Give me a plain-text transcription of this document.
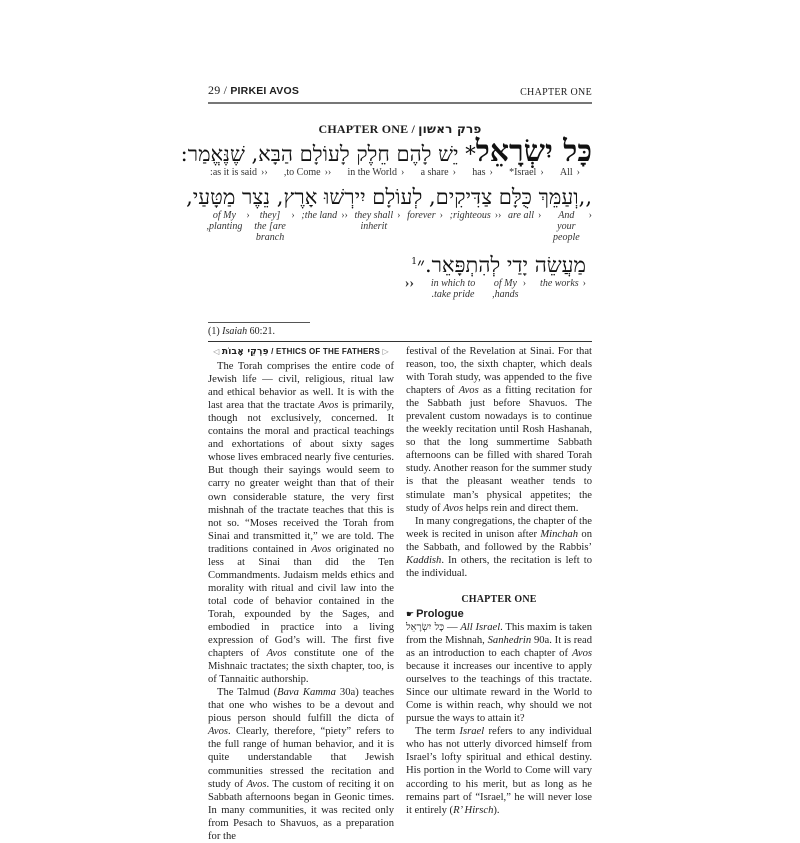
29 / PIRKEI AVOS	CHAPTER ONE
CHAPTER ONE / פרק ראשון
כָּל יִשְׂרָאֵל* יֵשׁ לָהֶם חֵלֶק לָעוֹלָם הַבָּא, שֶׁנֶּאֱמַר:
‹
All
‹
Israel*
‹
has
‹
a share
‹
in the World
‹‹
to Come,
‹‹
as it is said:
,,וְעַמֵּךְ כֻּלָּם צַדִּיקִים, לְעוֹלָם יִירְשׁוּ אָרֶץ, נֵצֶר מַטָּעַי,
‹
And your people
‹
are all
‹‹
righteous;
‹
forever
‹
they shall inherit
‹‹
the land;
‹
[they are] the branch
‹
of My planting,
מַעֲשֵׂה יָדַי לְהִתְפָּאֵר.״$^1$
‹
the works
‹
of My hands,
in which to take pride.
‹‹
(1) Isaiah 60:21.
◁ פִּרְקֵי אָבוֹת / ETHICS OF THE FATHERS ▷

The Torah comprises the entire code of Jewish life — civil, religious, ritual law and ethical behavior as well. It is with the last area that the tractate Avos is primarily, though not exclusively, concerned. It contains the moral and practical teachings and exhortations of about sixty sages whose lives embraced nearly five centuries. But though their sayings would seem to carry no greater weight than that of their own considerable stature, the very first mishnah of the tractate teaches that this is not so. “Moses received the Torah from Sinai and transmitted it,” we are told. The traditions contained in Avos originated no less at Sinai than did the Ten Commandments. Judaism melds ethics and morality with ritual and civil law into the total code of behavior contained in the Torah, expounded by the Sages, and embodied in practice into a living expression of God’s will. The first five chapters of Avos constitute one of the Mishnaic tractates; the sixth chapter, too, is of Tannaitic authorship.

The Talmud (Bava Kamma 30a) teaches that one who wishes to be a devout and pious person should fulfill the dicta of Avos. Clearly, therefore, “piety” refers to the full range of human behavior, and it is quite understandable that Jewish communities stressed the recitation and study of Avos. The custom of reciting it on Sabbath afternoons began in Geonic times. In many communities, it was recited only from Pesach to Shavuos, as a preparation for the

festival of the Revelation at Sinai. For that reason, too, the sixth chapter, which deals with Torah study, was appended to the five chapters of Avos as a fitting recitation for the Sabbath just before Shavuos. The prevalent custom nowadays is to continue the weekly recitation until Rosh Hashanah, so that the long summertime Sabbath afternoons can be filled with shared Torah study. Another reason for the summer study is that the pleasant weather tends to stimulate man’s physical appetites; the study of Avos helps rein and direct them.

In many congregations, the chapter of the week is recited in unison after Minchah on the Sabbath, and followed by the Rabbis’ Kaddish. In others, the recitation is left to the individual.

CHAPTER ONE
☛ Prologue

כָּל יִשְׂרָאֵל — All Israel. This maxim is taken from the Mishnah, Sanhedrin 90a. It is read as an introduction to each chapter of Avos because it increases our incentive to apply ourselves to the teachings of this tractate. Since our ultimate reward in the World to Come is within reach, why should we not pursue the ways to attain it?

The term Israel refers to any individual who has not utterly divorced himself from Israel’s lofty spiritual and ethical destiny. His portion in the World to Come will vary according to his merit, but as long as he remains part of “Israel,” he will never lose it entirely (R’ Hirsch).
